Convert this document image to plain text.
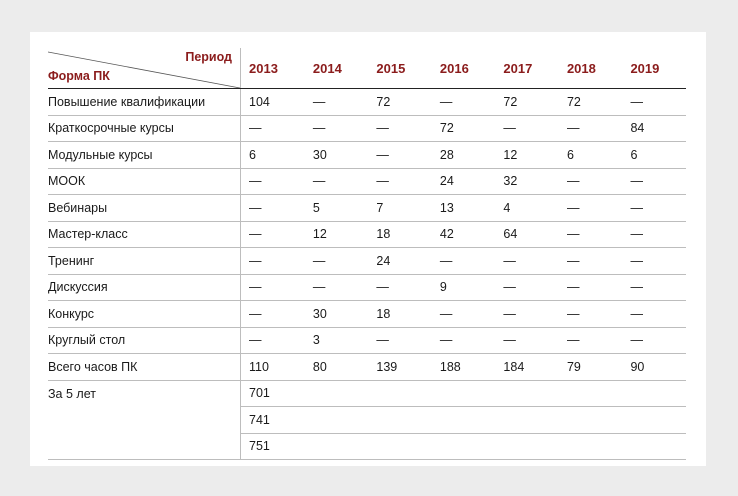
Период
Форма ПК	2013	2014	2015	2016	2017	2018	2019
Повышение квалификации	104	—	72	—	72	72	—
Краткосрочные курсы	—	—	—	72	—	—	84
Модульные курсы	6	30	—	28	12	6	6
МООК	—	—	—	24	32	—	—
Вебинары	—	5	7	13	4	—	—
Мастер-класс	—	12	18	42	64	—	—
Тренинг	—	—	24	—	—	—	—
Дискуссия	—	—	—	9	—	—	—
Конкурс	—	30	18	—	—	—	—
Круглый стол	—	3	—	—	—	—	—
Всего часов ПК	110	80	139	188	184	79	90
За 5 лет	701						
	741						
	751						
